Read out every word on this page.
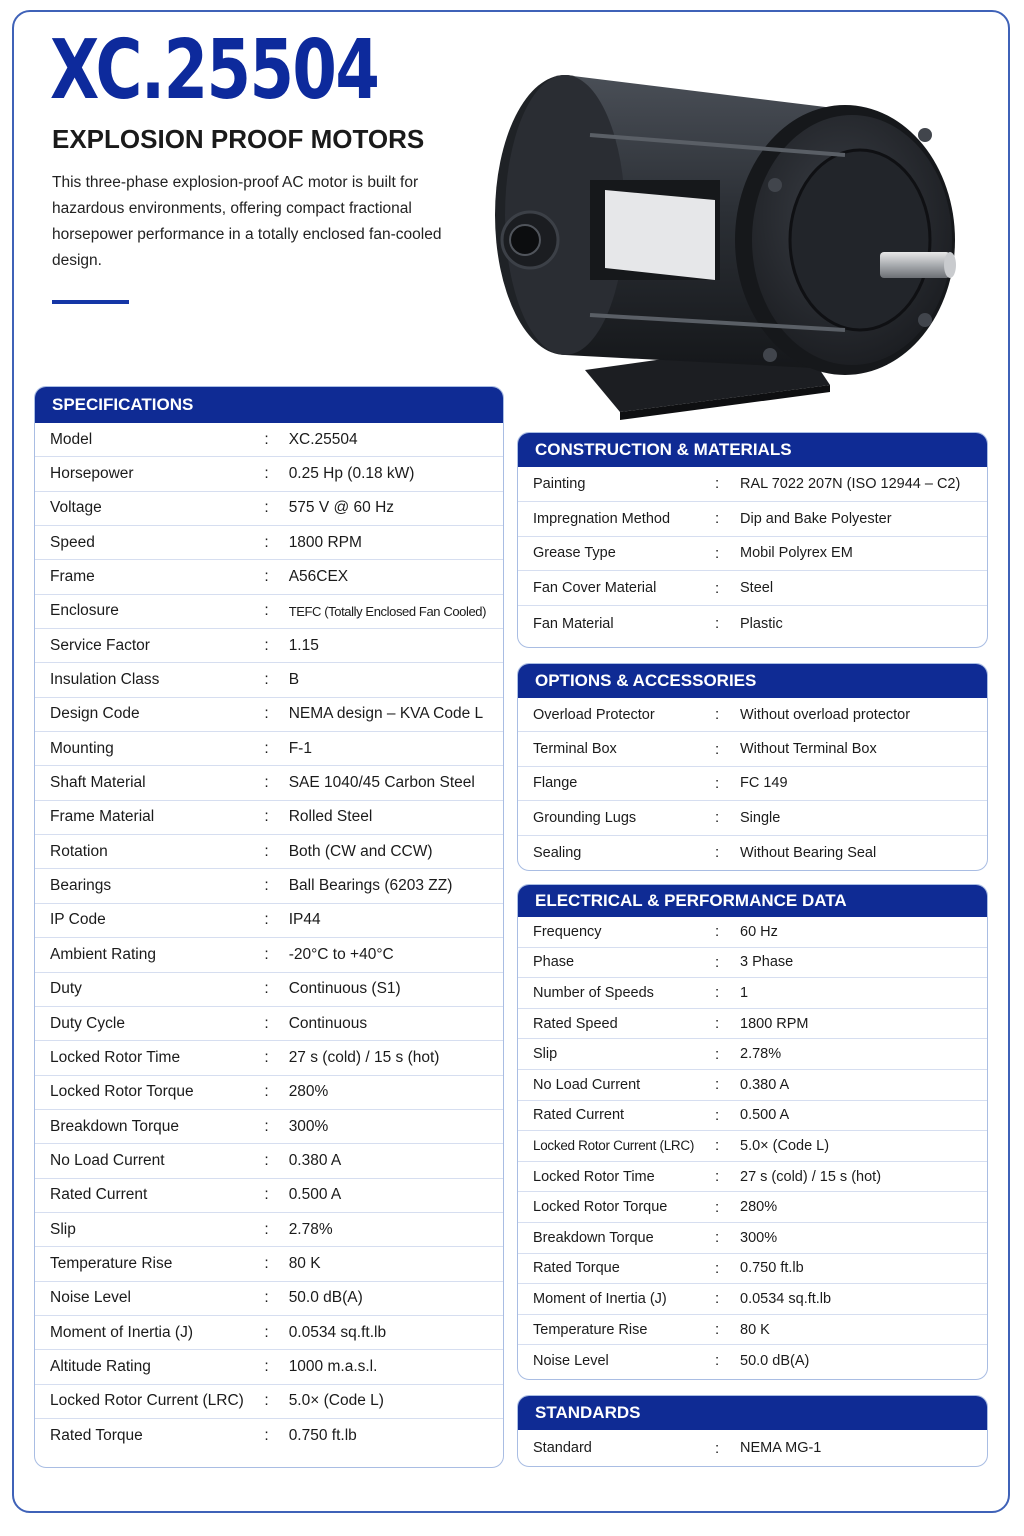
XC.25504
EXPLOSION PROOF MOTORS

This three-phase explosion-proof AC motor is built for hazardous environments, offering compact fractional horsepower performance in a totally enclosed fan-cooled design.

SPECIFICATIONS
Model	:	XC.25504
Horsepower	:	0.25 Hp (0.18 kW)
Voltage	:	575 V @ 60 Hz
Speed	:	1800 RPM
Frame	:	A56CEX
Enclosure	:	TEFC (Totally Enclosed Fan Cooled)
Service Factor	:	1.15
Insulation Class	:	B
Design Code	:	NEMA design – KVA Code L
Mounting	:	F-1
Shaft Material	:	SAE 1040/45 Carbon Steel
Frame Material	:	Rolled Steel
Rotation	:	Both (CW and CCW)
Bearings	:	Ball Bearings (6203 ZZ)
IP Code	:	IP44
Ambient Rating	:	-20°C to +40°C
Duty	:	Continuous (S1)
Duty Cycle	:	Continuous
Locked Rotor Time	:	27 s (cold) / 15 s (hot)
Locked Rotor Torque	:	280%
Breakdown Torque	:	300%
No Load Current	:	0.380 A
Rated Current	:	0.500 A
Slip	:	2.78%
Temperature Rise	:	80 K
Noise Level	:	50.0 dB(A)
Moment of Inertia (J)	:	0.0534 sq.ft.lb
Altitude Rating	:	1000 m.a.s.l.
Locked Rotor Current (LRC)	:	5.0× (Code L)
Rated Torque	:	0.750 ft.lb
CONSTRUCTION & MATERIALS
Painting	:	RAL 7022 207N (ISO 12944 – C2)
Impregnation Method	:	Dip and Bake Polyester
Grease Type	:	Mobil Polyrex EM
Fan Cover Material	:	Steel
Fan Material	:	Plastic
OPTIONS & ACCESSORIES
Overload Protector	:	Without overload protector
Terminal Box	:	Without Terminal Box
Flange	:	FC 149
Grounding Lugs	:	Single
Sealing	:	Without Bearing Seal
ELECTRICAL & PERFORMANCE DATA
Frequency	:	60 Hz
Phase	:	3 Phase
Number of Speeds	:	1
Rated Speed	:	1800 RPM
Slip	:	2.78%
No Load Current	:	0.380 A
Rated Current	:	0.500 A
Locked Rotor Current (LRC)	:	5.0× (Code L)
Locked Rotor Time	:	27 s (cold) / 15 s (hot)
Locked Rotor Torque	:	280%
Breakdown Torque	:	300%
Rated Torque	:	0.750 ft.lb
Moment of Inertia (J)	:	0.0534 sq.ft.lb
Temperature Rise	:	80 K
Noise Level	:	50.0 dB(A)
STANDARDS
Standard	:	NEMA MG-1
